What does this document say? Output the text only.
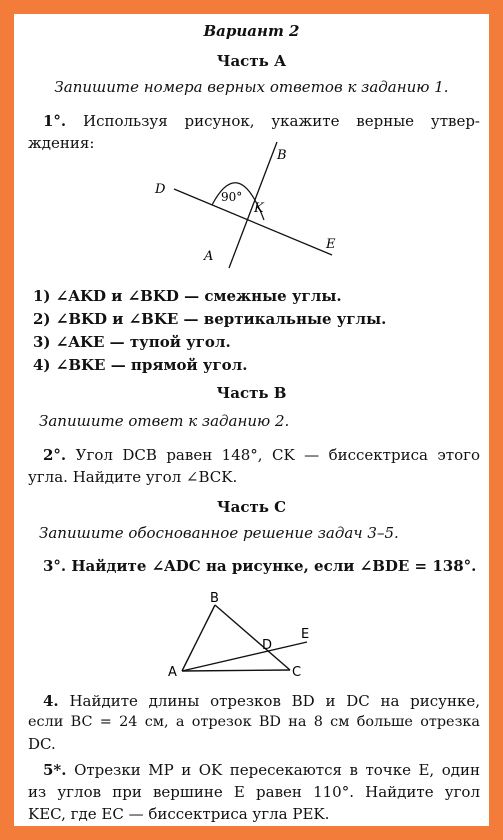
Вариант 2
Часть А
Запишите номера верных ответов к заданию 1.
1°. Используя рисунок, укажите верные утвер-
ждения:
90°
B
D
K
A
E
1) ∠AKD и ∠BKD — смежные углы.
2) ∠BKD и ∠BKE — вертикальные углы.
3) ∠AKE — тупой угол.
4) ∠BKE — прямой угол.
Часть В
Запишите ответ к заданию 2.
2°. Угол DCB равен 148°, CK — биссектриса этого
угла. Найдите угол ∠BCK.
Часть С
Запишите обоснованное решение задач 3–5.
3°. Найдите ∠ADC на рисунке, если ∠BDE = 138°.
B
E
D
A	C
4. Найдите длины отрезков BD и DC на рисунке,
если BC = 24 см, а отрезок BD на 8 см больше отрезка
DC.
5*. Отрезки MP и OK пересекаются в точке E, один
из углов при вершине E равен 110°. Найдите угол
KEC, где EC — биссектриса угла PEK.
